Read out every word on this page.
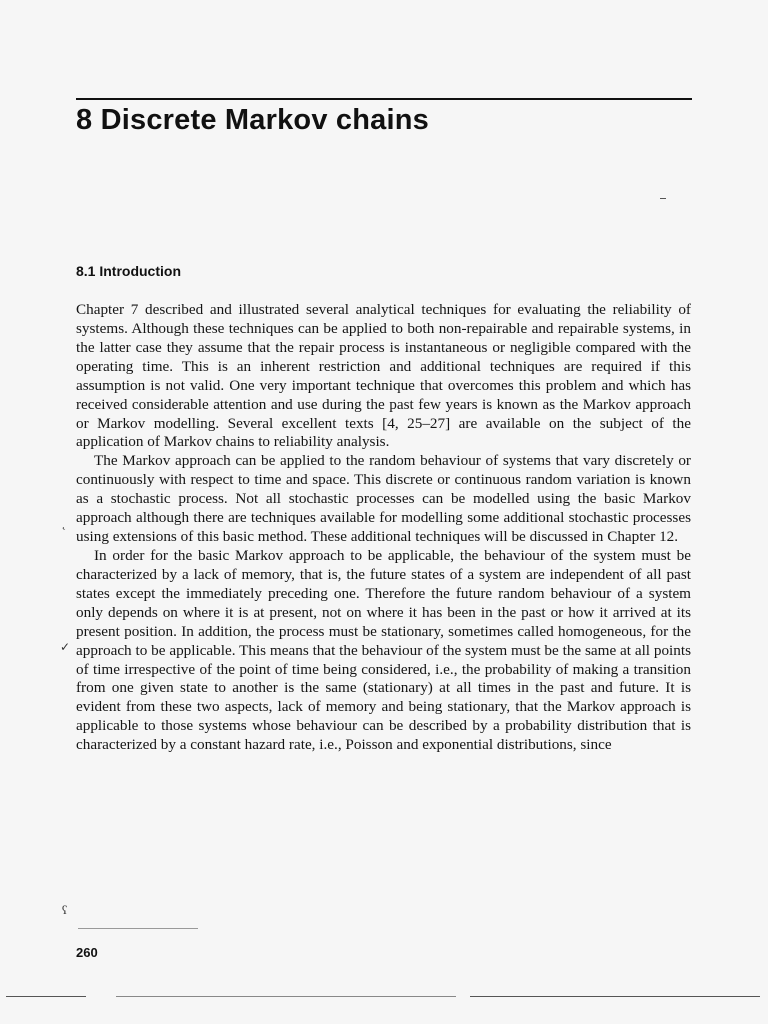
8 Discrete Markov chains
8.1 Introduction

Chapter 7 described and illustrated several analytical techniques for evaluating the reliability of systems. Although these techniques can be applied to both non-repairable and repairable systems, in the latter case they assume that the repair process is instantaneous or negligible compared with the operating time. This is an inherent restriction and additional techniques are required if this assumption is not valid. One very important technique that overcomes this problem and which has received considerable attention and use during the past few years is known as the Markov approach or Markov modelling. Several excellent texts [4, 25–27] are available on the subject of the application of Markov chains to reliability analysis.

The Markov approach can be applied to the random behaviour of systems that vary discretely or continuously with respect to time and space. This discrete or continuous random variation is known as a stochastic process. Not all stochastic processes can be modelled using the basic Markov approach although there are techniques available for modelling some additional stochastic processes using extensions of this basic method. These additional techniques will be discussed in Chapter 12.

In order for the basic Markov approach to be applicable, the behaviour of the system must be characterized by a lack of memory, that is, the future states of a system are independent of all past states except the immediately preceding one. Therefore the future random behaviour of a system only depends on where it is at present, not on where it has been in the past or how it arrived at its present position. In addition, the process must be stationary, sometimes called homogeneous, for the approach to be applicable. This means that the behaviour of the system must be the same at all points of time irrespective of the point of time being considered, i.e., the probability of making a transition from one given state to another is the same (stationary) at all times in the past and future. It is evident from these two aspects, lack of memory and being stationary, that the Markov approach is applicable to those systems whose behaviour can be described by a probability distribution that is characterized by a constant hazard rate, i.e., Poisson and exponential distributions, since

260
˛
✓
ʕ
